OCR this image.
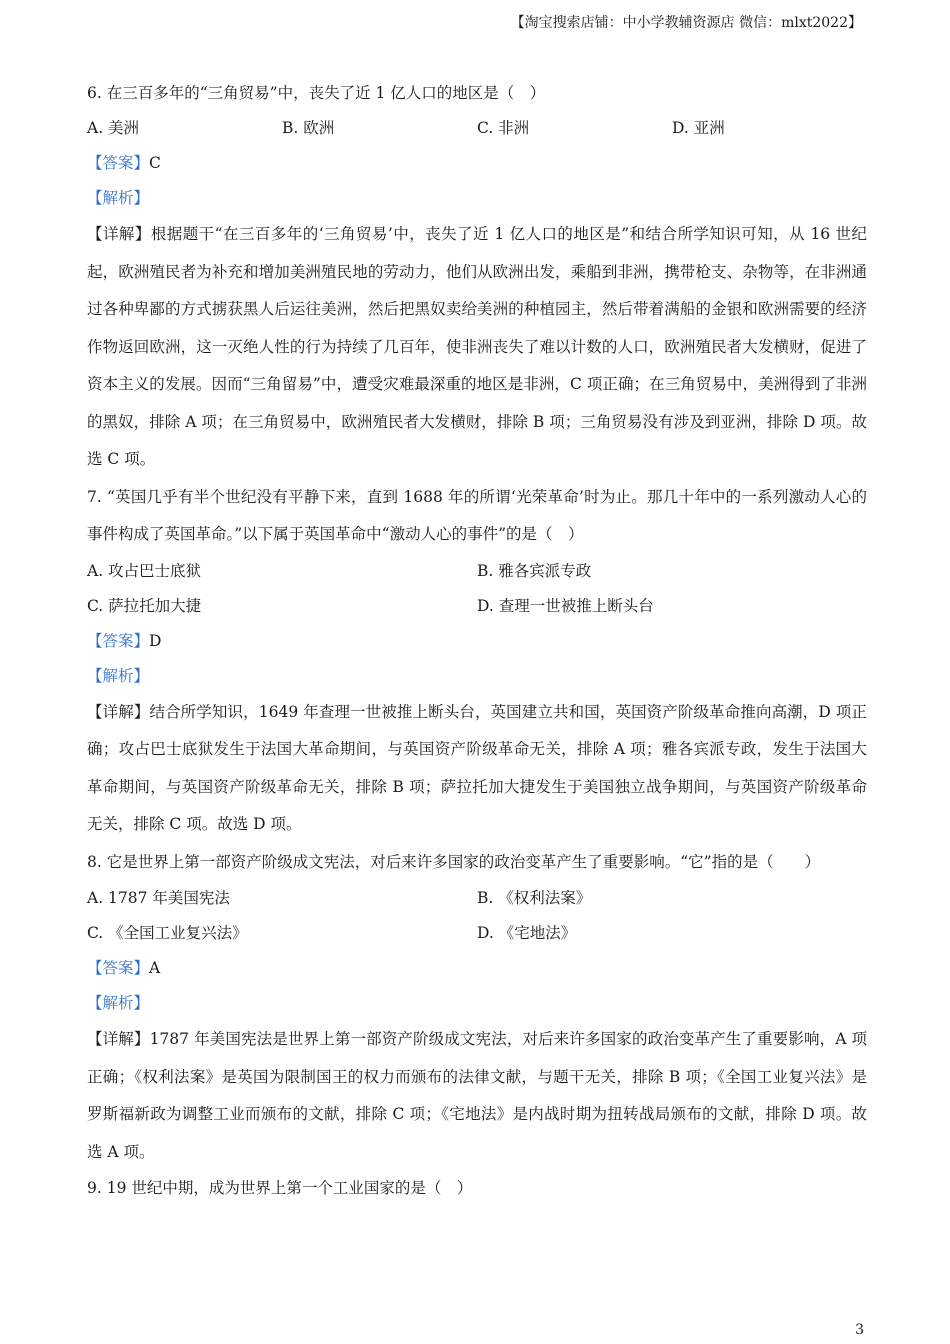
【淘宝搜索店铺：中小学教辅资源店 微信：mlxt2022】
6. 在三百多年的“三角贸易”中，丧失了近 1 亿人口的地区是（　）
A. 美洲	B. 欧洲	C. 非洲	D. 亚洲
【答案】C
【解析】
【详解】根据题干“在三百多年的‘三角贸易’中，丧失了近 1 亿人口的地区是”和结合所学知识可知，从 16 世纪起，欧洲殖民者为补充和增加美洲殖民地的劳动力，他们从欧洲出发，乘船到非洲，携带枪支、杂物等，在非洲通过各种卑鄙的方式掳获黑人后运往美洲，然后把黑奴卖给美洲的种植园主，然后带着满船的金银和欧洲需要的经济作物返回欧洲，这一灭绝人性的行为持续了几百年，使非洲丧失了难以计数的人口，欧洲殖民者大发横财，促进了资本主义的发展。因而“三角留易”中，遭受灾难最深重的地区是非洲，C 项正确；在三角贸易中，美洲得到了非洲的黑奴，排除 A 项；在三角贸易中，欧洲殖民者大发横财，排除 B 项；三角贸易没有涉及到亚洲，排除 D 项。故选 C 项。
7. “英国几乎有半个世纪没有平静下来，直到 1688 年的所谓‘光荣革命’时为止。那几十年中的一系列激动人心的事件构成了英国革命。”以下属于英国革命中“激动人心的事件”的是（　）
A. 攻占巴士底狱	B. 雅各宾派专政
C. 萨拉托加大捷	D. 查理一世被推上断头台
【答案】D
【解析】
【详解】结合所学知识，1649 年查理一世被推上断头台，英国建立共和国，英国资产阶级革命推向高潮，D 项正确；攻占巴士底狱发生于法国大革命期间，与英国资产阶级革命无关，排除 A 项；雅各宾派专政，发生于法国大革命期间，与英国资产阶级革命无关，排除 B 项；萨拉托加大捷发生于美国独立战争期间，与英国资产阶级革命无关，排除 C 项。故选 D 项。
8. 它是世界上第一部资产阶级成文宪法，对后来许多国家的政治变革产生了重要影响。“它”指的是（　　）
A. 1787 年美国宪法	B. 《权利法案》
C. 《全国工业复兴法》	D. 《宅地法》
【答案】A
【解析】
【详解】1787 年美国宪法是世界上第一部资产阶级成文宪法，对后来许多国家的政治变革产生了重要影响，A 项正确；《权利法案》是英国为限制国王的权力而颁布的法律文献，与题干无关，排除 B 项；《全国工业复兴法》是罗斯福新政为调整工业而颁布的文献，排除 C 项；《宅地法》是内战时期为扭转战局颁布的文献，排除 D 项。故选 A 项。
9. 19 世纪中期，成为世界上第一个工业国家的是（　）
3
